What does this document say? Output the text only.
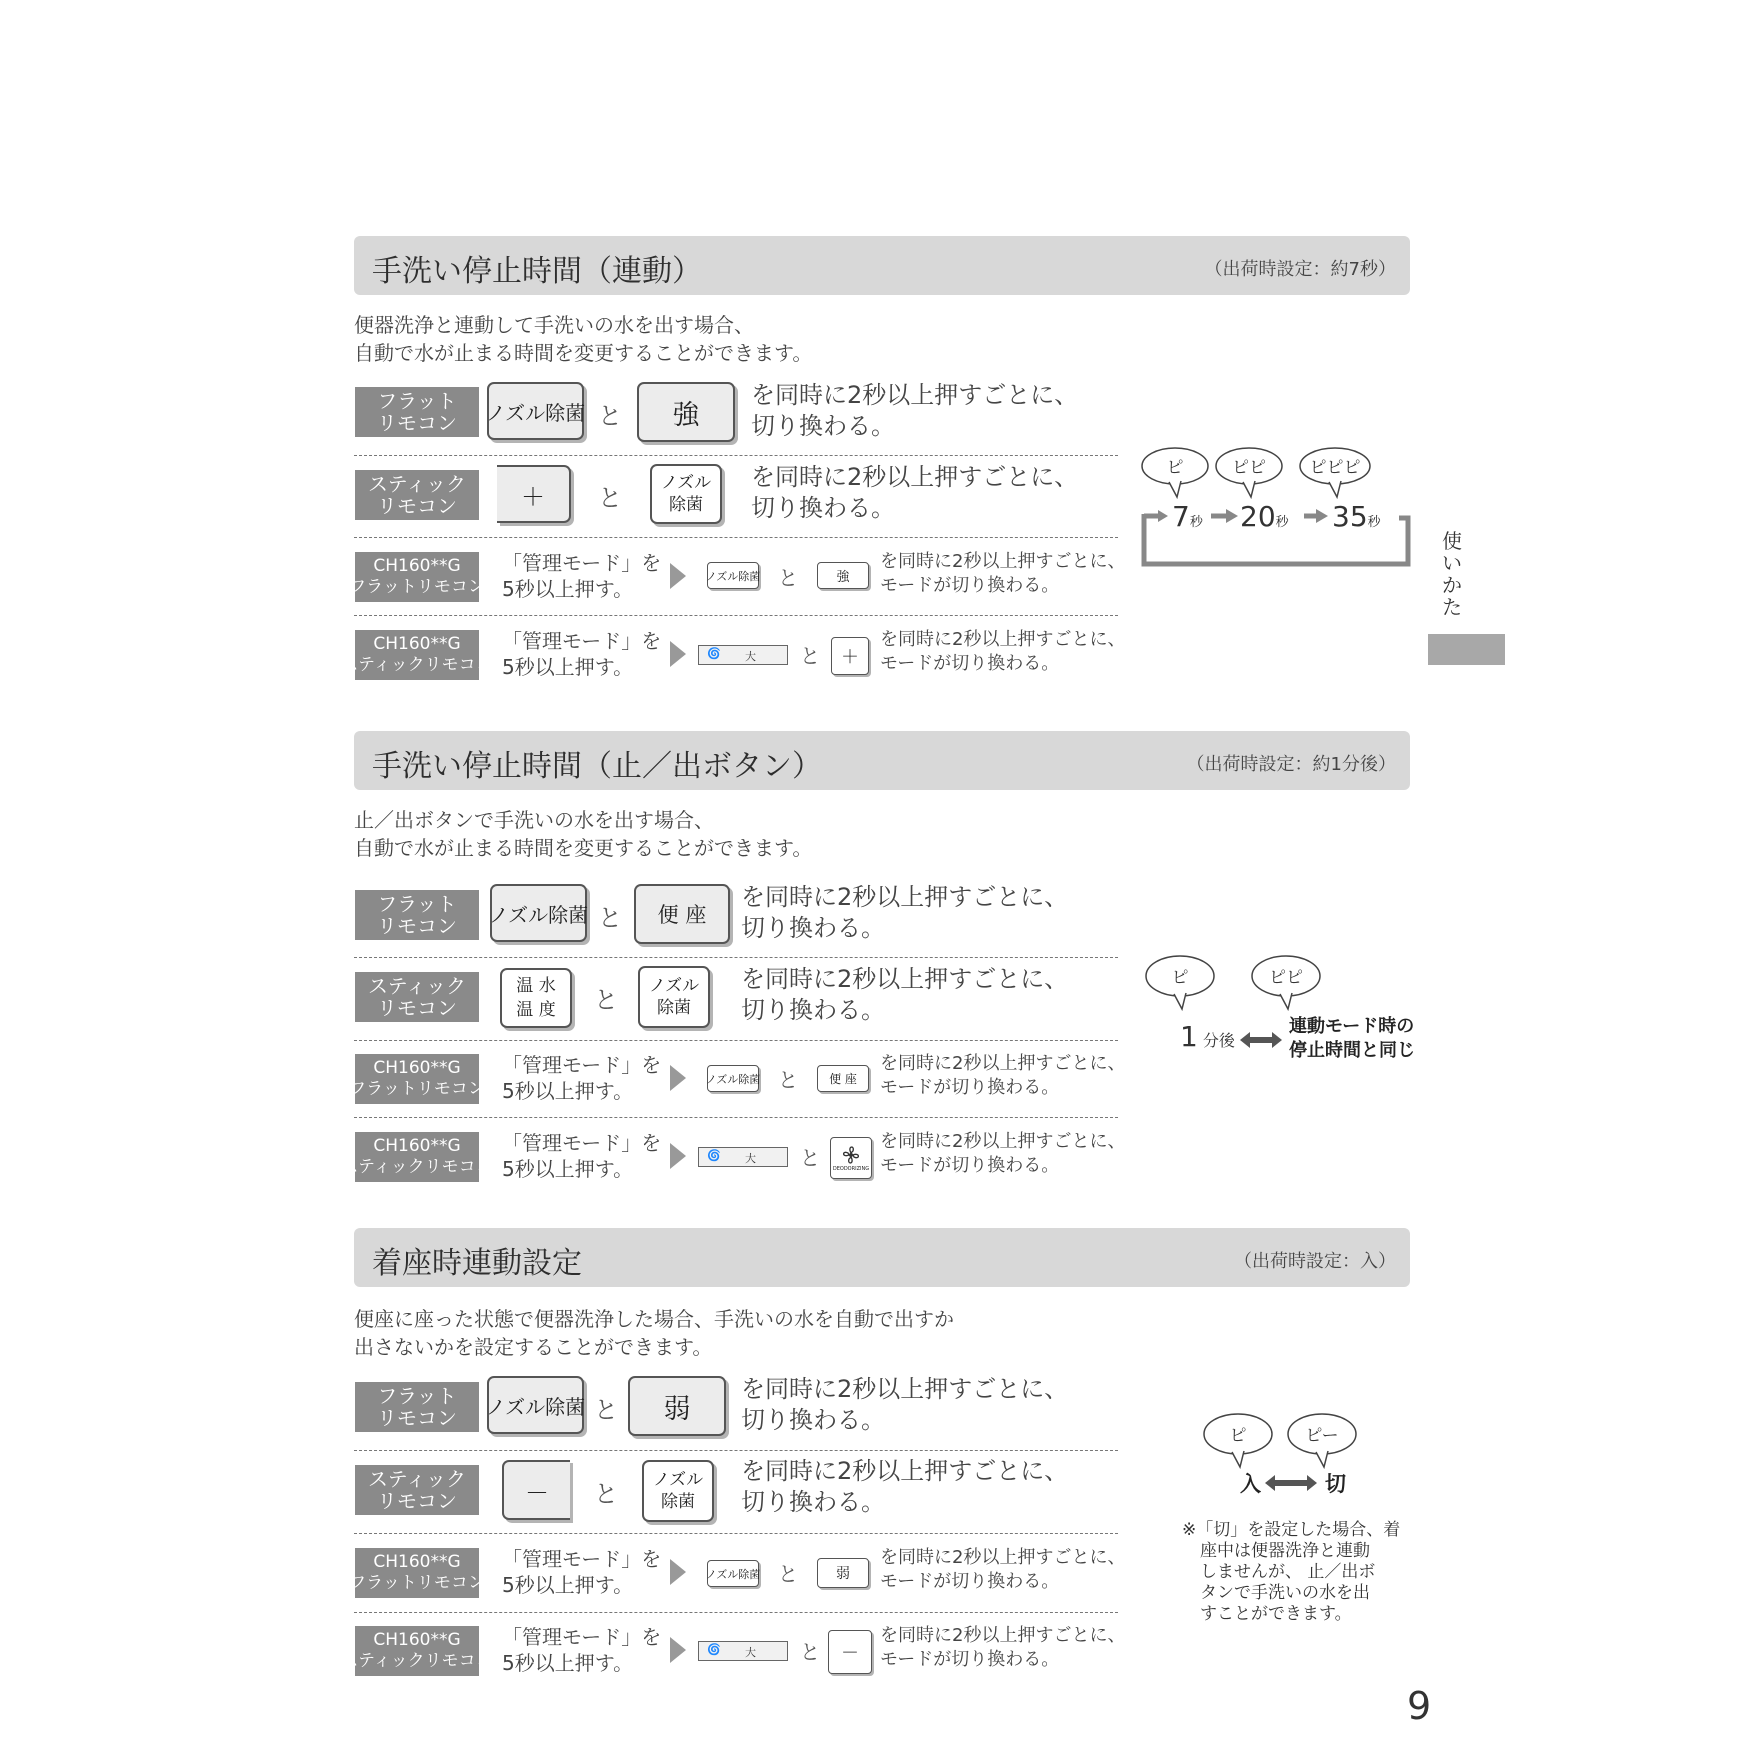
手洗い停止時間（連動）	（出荷時設定：約7秒）
便器洗浄と連動して手洗いの水を出す場合、
自動で水が止まる時間を変更することができます。
フラット
リモコン ノズル除菌 と	強
を同時に2秒以上押すごとに、
切り換わる。
スティック
リモコン	＋	と
ノズル
除菌
を同時に2秒以上押すごとに、
切り換わる。
CH160**G
フラットリモコン
「管理モード」を
5秒以上押す。
ノズル除菌 と	強
を同時に2秒以上押すごとに、
モードが切り換わる。
CH160**G
スティックリモコン
「管理モード」を
5秒以上押す。
🌀 大 と	＋
を同時に2秒以上押すごとに、
モードが切り換わる。
ピ	ピピ	ピピピ
7秒 20秒 35秒
使いかた
手洗い停止時間（止／出ボタン）	（出荷時設定：約1分後）
止／出ボタンで手洗いの水を出す場合、
自動で水が止まる時間を変更することができます。
フラット
リモコン ノズル除菌 と	便 座
を同時に2秒以上押すごとに、
切り換わる。
スティック
リモコン
温 水
温 度 と ノズル
除菌
を同時に2秒以上押すごとに、
切り換わる。
CH160**G
フラットリモコン
「管理モード」を
5秒以上押す。	ノズル除菌 と	便 座
を同時に2秒以上押すごとに、
モードが切り換わる。
CH160**G
スティックリモコン
「管理モード」を
5秒以上押す。
🌀 大 と	DEODORIZING
を同時に2秒以上押すごとに、
モードが切り換わる。
ピ	ピピ
1 分後
連動モード時の
停止時間と同じ
着座時連動設定	（出荷時設定：入）
便座に座った状態で便器洗浄した場合、手洗いの水を自動で出すか
出さないかを設定することができます。
フラット
リモコン ノズル除菌 と	弱
を同時に2秒以上押すごとに、
切り換わる。
スティック
リモコン	－	と ノズル
除菌
を同時に2秒以上押すごとに、
切り換わる。
CH160**G
フラットリモコン
「管理モード」を
5秒以上押す。	ノズル除菌 と	弱
を同時に2秒以上押すごとに、
モードが切り換わる。
CH160**G
スティックリモコン
「管理モード」を
5秒以上押す。
🌀 大 と	－
を同時に2秒以上押すごとに、
モードが切り換わる。
ピ	ピー
入	切
※「切」を設定した場合、着
座中は便器洗浄と連動
しませんが、 止／出ボ
タンで手洗いの水を出
すことができます。
9
